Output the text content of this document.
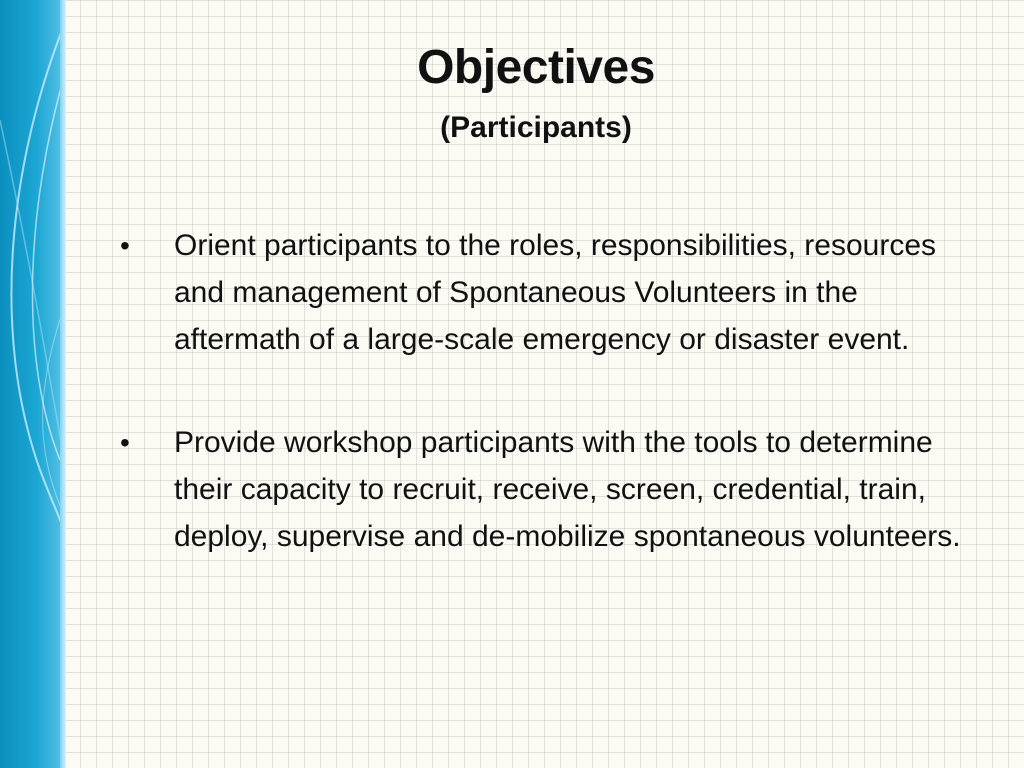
Objectives
(Participants)
•	Orient participants to the roles, responsibilities, resources and management of Spontaneous Volunteers in the aftermath of a large-scale emergency or disaster event.
•	Provide workshop participants with the tools to determine their capacity to recruit, receive, screen, credential, train, deploy, supervise and de-mobilize spontaneous volunteers.
